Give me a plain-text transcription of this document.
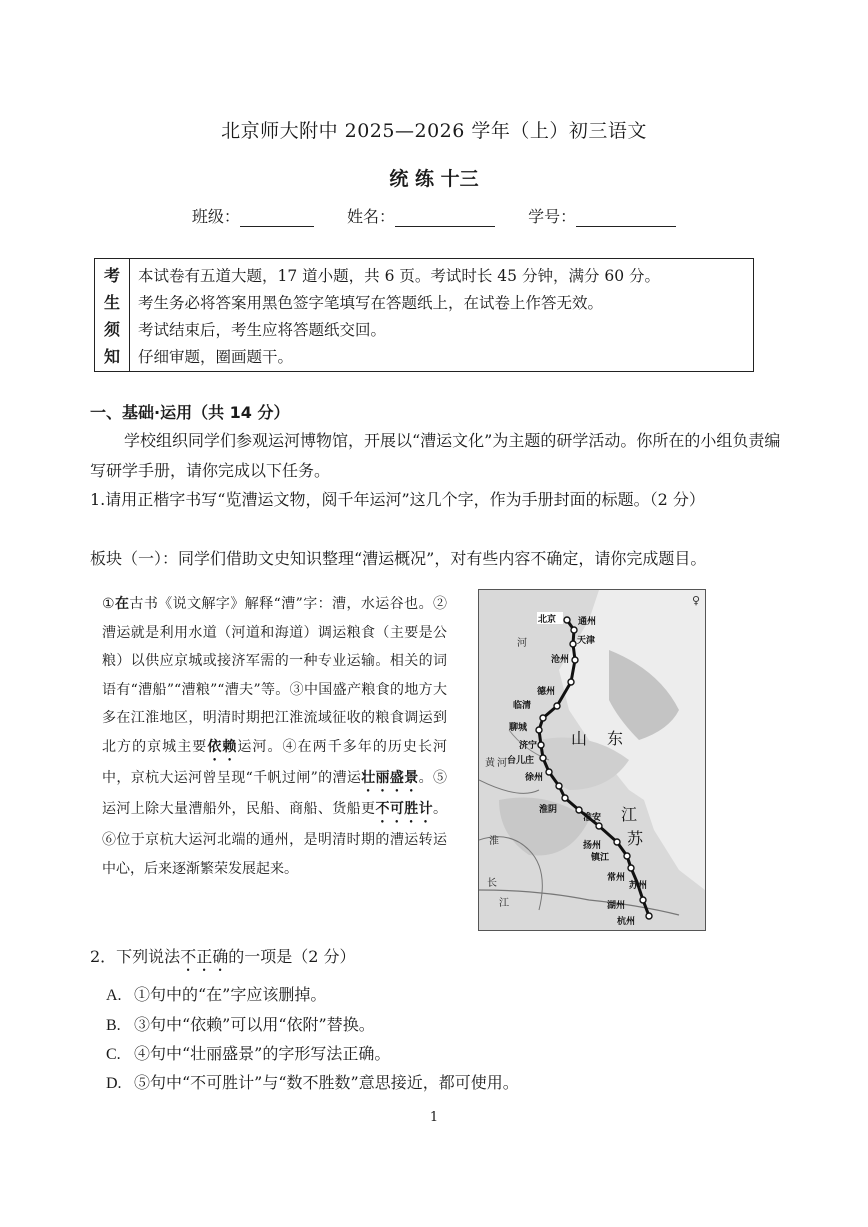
北京师大附中 2025—2026 学年（上）初三语文
统 练 十三
班级：	姓名：	学号：
考
生
须
知
本试卷有五道大题，17 道小题，共 6 页。考试时长 45 分钟，满分 60 分。
考生务必将答案用黑色签字笔填写在答题纸上，在试卷上作答无效。
考试结束后，考生应将答题纸交回。
仔细审题，圈画题干。
一、基础·运用（共 14 分）
学校组织同学们参观运河博物馆，开展以“漕运文化”为主题的研学活动。你所在的小组负责编写研学手册，请你完成以下任务。
1.请用正楷字书写“览漕运文物，阅千年运河”这几个字，作为手册封面的标题。（2 分）
板块（一）：同学们借助文史知识整理“漕运概况”，对有些内容不确定，请你完成题目。
①在古书《说文解字》解释“漕”字：漕，水运谷也。②漕运就是利用水道（河道和海道）调运粮食（主要是公粮）以供应京城或接济军需的一种专业运输。相关的词语有“漕船”“漕粮”“漕夫”等。③中国盛产粮食的地方大多在江淮地区，明清时期把江淮流域征收的粮食调运到北方的京城主要依赖运河。④在两千多年的历史长河中，京杭大运河曾呈现“千帆过闸”的漕运壮丽盛景。⑤运河上除大量漕船外，民船、商船、货船更不可胜计。⑥位于京杭大运河北端的通州，是明清时期的漕运转运中心，后来逐渐繁荣发展起来。
♀
北京 通州
天津
沧州
德州
临清
聊城
济宁
台儿庄
徐州
淮阴
淮安
扬州
镇江
常州
苏州
湖州
杭州
山 东
江
苏
河
黄 河
淮
长
江
2．下列说法不正确的一项是（2 分）
A. ①句中的“在”字应该删掉。
B. ③句中“依赖”可以用“依附”替换。
C. ④句中“壮丽盛景”的字形写法正确。
D. ⑤句中“不可胜计”与“数不胜数”意思接近，都可使用。
1
